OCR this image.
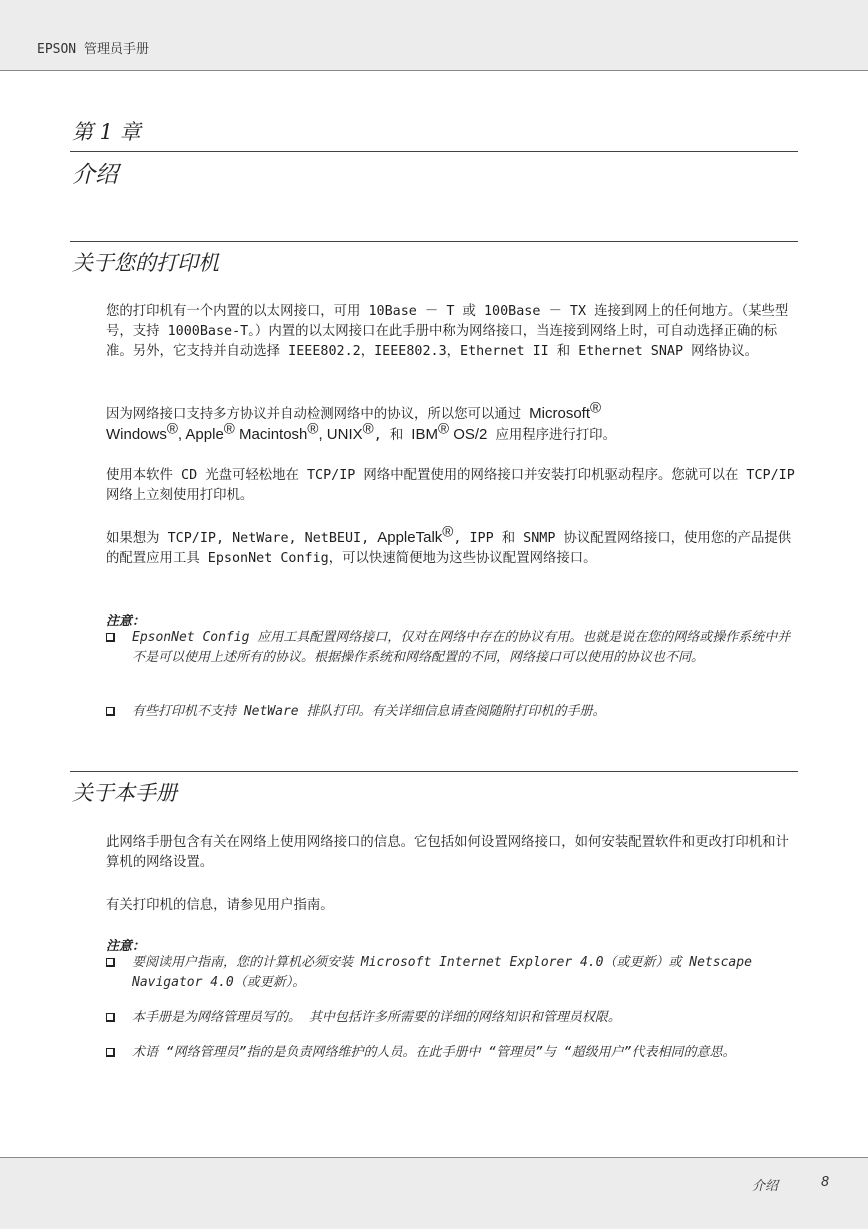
EPSON 管理员手册
第 1 章
介绍
关于您的打印机

您的打印机有一个内置的以太网接口，可用 10Base － T 或 100Base － TX 连接到网上的任何地方。（某些型号，支持 1000Base-T。）内置的以太网接口在此手册中称为网络接口，当连接到网络上时，可自动选择正确的标准。另外，它支持并自动选择 IEEE802.2，IEEE802.3，Ethernet II 和 Ethernet SNAP 网络协议。

因为网络接口支持多方协议并自动检测网络中的协议，所以您可以通过 Microsoft®
Windows®, Apple® Macintosh®, UNIX®, 和 IBM® OS/2 应用程序进行打印。

使用本软件 CD 光盘可轻松地在 TCP/IP 网络中配置使用的网络接口并安装打印机驱动程序。您就可以在 TCP/IP 网络上立刻使用打印机。

如果想为 TCP/IP, NetWare, NetBEUI, AppleTalk®, IPP 和 SNMP 协议配置网络接口，使用您的产品提供的配置应用工具 EpsonNet Config，可以快速简便地为这些协议配置网络接口。

注意：
EpsonNet Config 应用工具配置网络接口，仅对在网络中存在的协议有用。也就是说在您的网络或操作系统中并不是可以使用上述所有的协议。根据操作系统和网络配置的不同，网络接口可以使用的协议也不同。
有些打印机不支持 NetWare 排队打印。有关详细信息请查阅随附打印机的手册。
关于本手册

此网络手册包含有关在网络上使用网络接口的信息。它包括如何设置网络接口，如何安装配置软件和更改打印机和计算机的网络设置。

有关打印机的信息，请参见用户指南。

注意：
要阅读用户指南，您的计算机必须安装 Microsoft Internet Explorer 4.0（或更新）或 Netscape Navigator 4.0（或更新）。
本手册是为网络管理员写的。 其中包括许多所需要的详细的网络知识和管理员权限。
术语 “网络管理员”指的是负责网络维护的人员。在此手册中 “管理员”与 “超级用户”代表相同的意思。
介绍	8
